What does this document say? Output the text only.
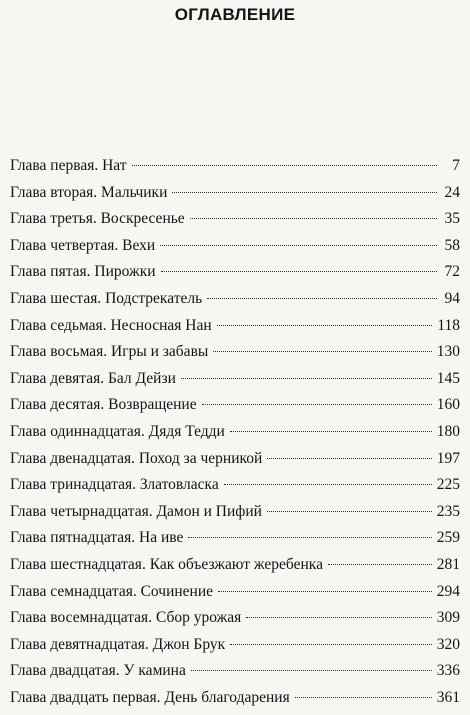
ОГЛАВЛЕНИЕ
Глава первая. Нат	7
Глава вторая. Мальчики	24
Глава третья. Воскресенье	35
Глава четвертая. Вехи	58
Глава пятая. Пирожки	72
Глава шестая. Подстрекатель	94
Глава седьмая. Несносная Нан	118
Глава восьмая. Игры и забавы	130
Глава девятая. Бал Дейзи	145
Глава десятая. Возвращение	160
Глава одиннадцатая. Дядя Тедди	180
Глава двенадцатая. Поход за черникой	197
Глава тринадцатая. Златовласка	225
Глава четырнадцатая. Дамон и Пифий	235
Глава пятнадцатая. На иве	259
Глава шестнадцатая. Как объезжают жеребенка	281
Глава семнадцатая. Сочинение	294
Глава восемнадцатая. Сбор урожая	309
Глава девятнадцатая. Джон Брук	320
Глава двадцатая. У камина	336
Глава двадцать первая. День благодарения	361
